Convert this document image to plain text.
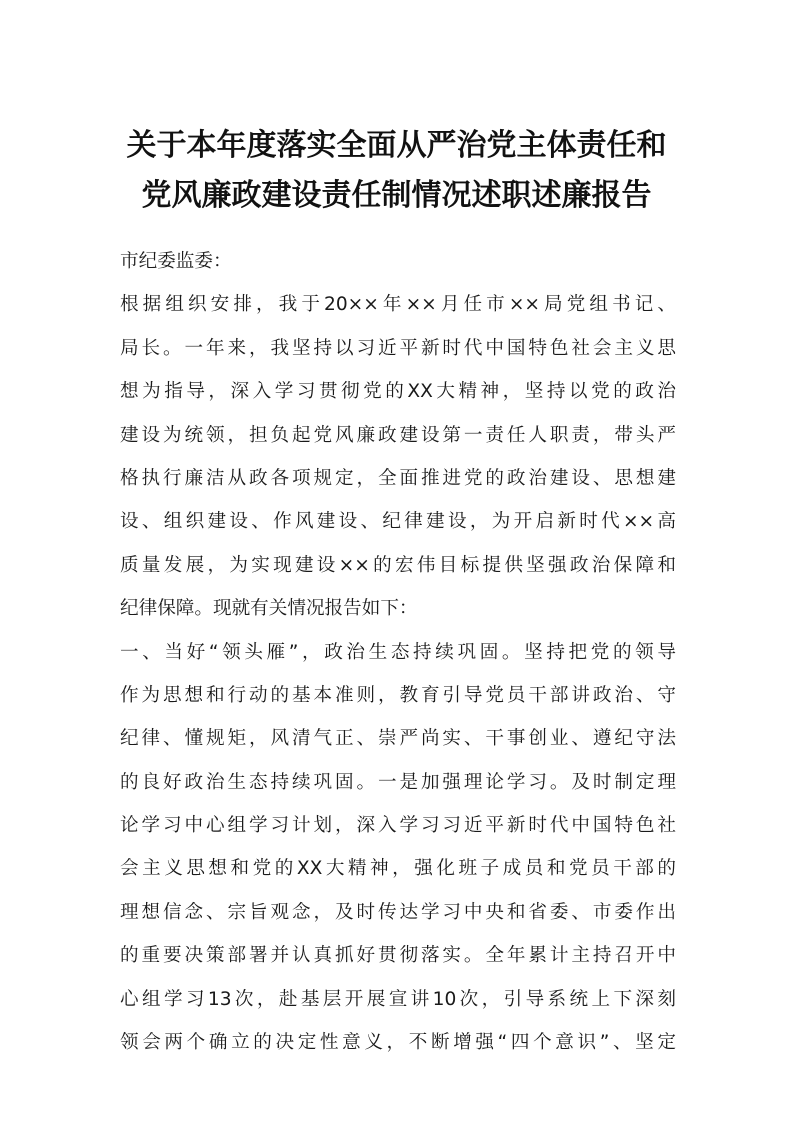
关于本年度落实全面从严治党主体责任和
党风廉政建设责任制情况述职述廉报告
市纪委监委：
根据组织安排，我于20××年××月任市××局党组书记、
局长。一年来，我坚持以习近平新时代中国特色社会主义思
想为指导，深入学习贯彻党的XX大精神，坚持以党的政治
建设为统领，担负起党风廉政建设第一责任人职责，带头严
格执行廉洁从政各项规定，全面推进党的政治建设、思想建
设、组织建设、作风建设、纪律建设，为开启新时代××高
质量发展，为实现建设××的宏伟目标提供坚强政治保障和
纪律保障。现就有关情况报告如下：
一、当好“领头雁”，政治生态持续巩固。坚持把党的领导
作为思想和行动的基本准则，教育引导党员干部讲政治、守
纪律、懂规矩，风清气正、崇严尚实、干事创业、遵纪守法
的良好政治生态持续巩固。一是加强理论学习。及时制定理
论学习中心组学习计划，深入学习习近平新时代中国特色社
会主义思想和党的XX大精神，强化班子成员和党员干部的
理想信念、宗旨观念，及时传达学习中央和省委、市委作出
的重要决策部署并认真抓好贯彻落实。全年累计主持召开中
心组学习13次，赴基层开展宣讲10次，引导系统上下深刻
领会两个确立的决定性意义，不断增强“四个意识”、坚定
